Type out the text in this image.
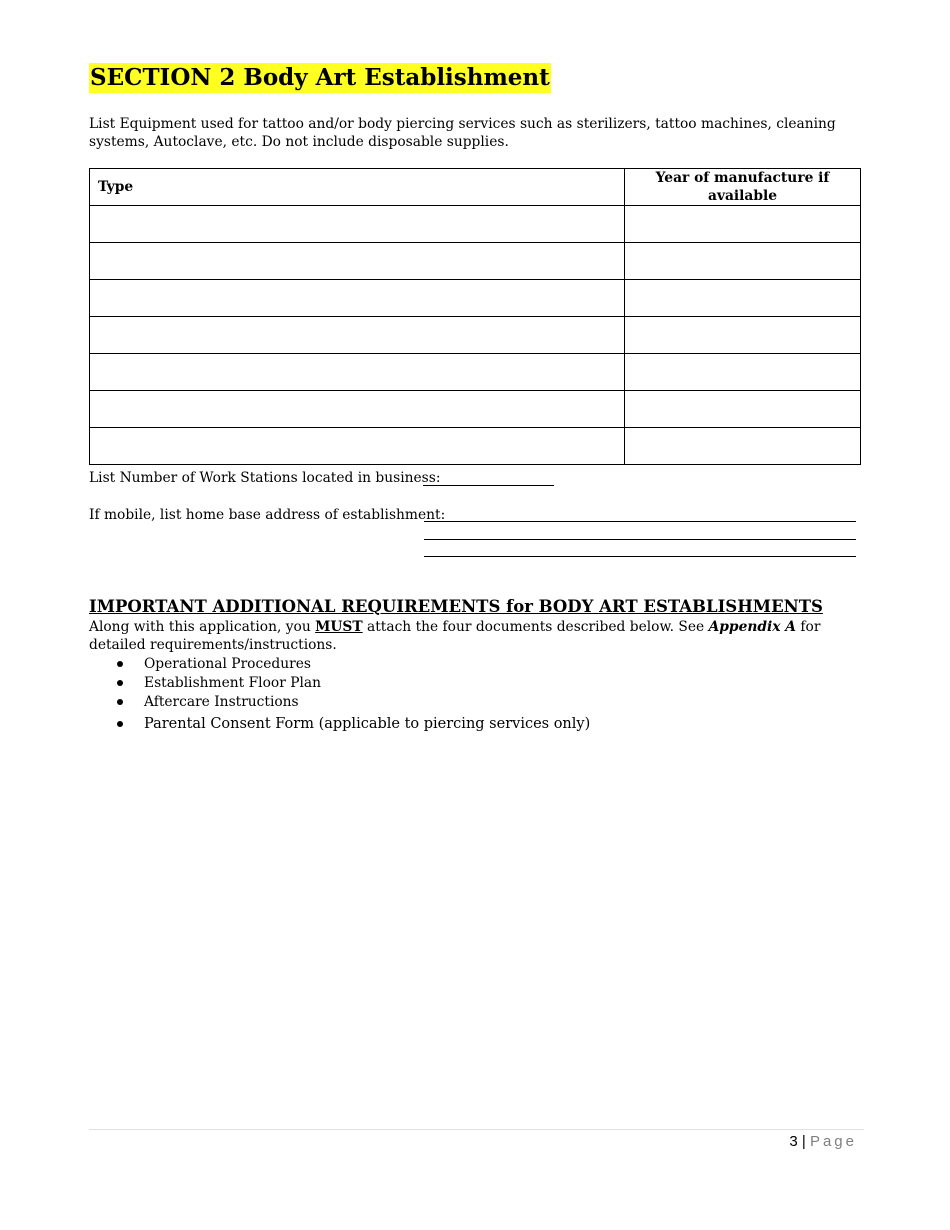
SECTION 2 Body Art Establishment
List Equipment used for tattoo and/or body piercing services such as sterilizers, tattoo machines, cleaning systems, Autoclave, etc. Do not include disposable supplies.
Type	Year of manufacture if available

List Number of Work Stations located in business:
If mobile, list home base address of establishment:
IMPORTANT ADDITIONAL REQUIREMENTS for BODY ART ESTABLISHMENTS
Along with this application, you MUST attach the four documents described below. See Appendix A for detailed requirements/instructions.
Operational Procedures
Establishment Floor Plan
Aftercare Instructions
Parental Consent Form (applicable to piercing services only)
3 | Page
